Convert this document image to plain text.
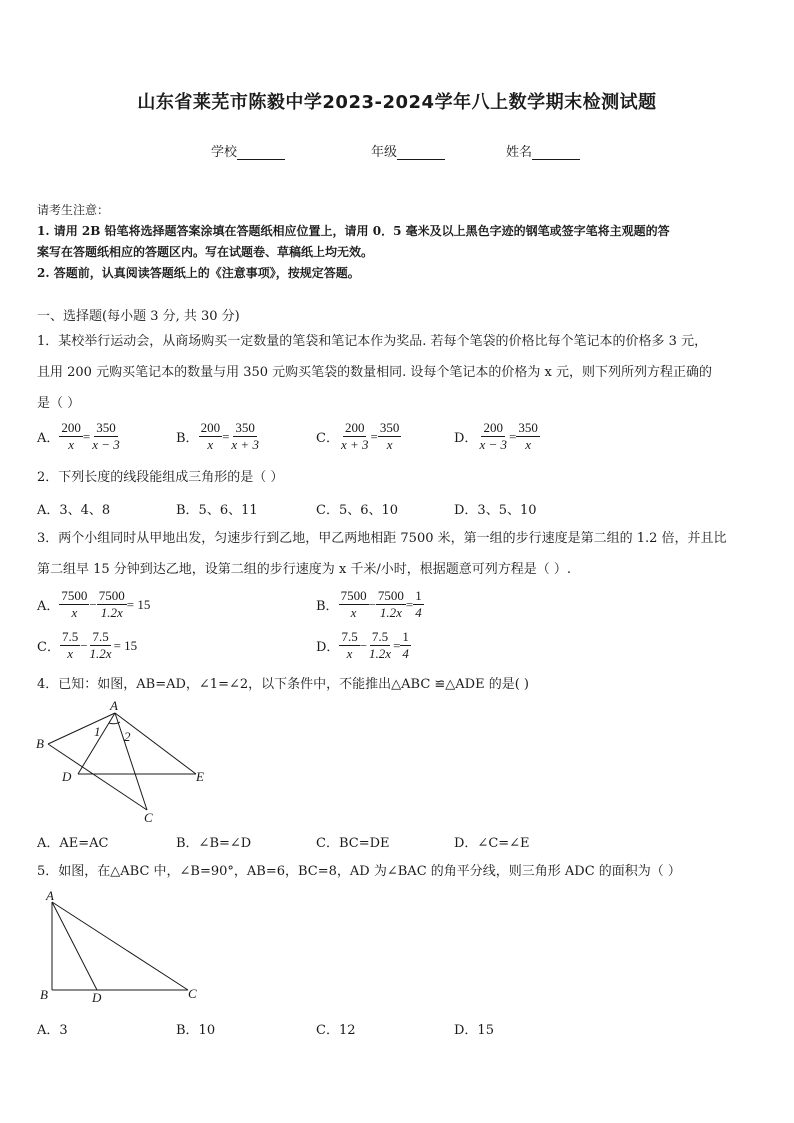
山东省莱芜市陈毅中学2023-2024学年八上数学期末检测试题
学校	年级	姓名
请考生注意：
1. 请用 2B 铅笔将选择题答案涂填在答题纸相应位置上，请用 0．5 毫米及以上黑色字迹的钢笔或签字笔将主观题的答
案写在答题纸相应的答题区内。写在试题卷、草稿纸上均无效。
2. 答题前，认真阅读答题纸上的《注意事项》，按规定答题。
一、选择题(每小题 3 分, 共 30 分)
1．某校举行运动会，从商场购买一定数量的笔袋和笔记本作为奖品. 若每个笔袋的价格比每个笔记本的价格多 3 元，
且用 200 元购买笔记本的数量与用 350 元购买笔袋的数量相同. 设每个笔记本的价格为 x 元，则下列所列方程正确的
是（ ）
A． $\frac{200}{x} = \frac{350}{x - 3}$	B． $\frac{200}{x} = \frac{350}{x + 3}$	C． $\frac{200}{x + 3} = \frac{350}{x}$	D． $\frac{200}{x - 3} = \frac{350}{x}$
2．下列长度的线段能组成三角形的是（ ）
A．3、4、8	B．5、6、11	C．5、6、10	D．3、5、10
3．两个小组同时从甲地出发，匀速步行到乙地，甲乙两地相距 7500 米，第一组的步行速度是第二组的 1.2 倍，并且比
第二组早 15 分钟到达乙地，设第二组的步行速度为 x 千米/小时，根据题意可列方程是（ ）.
A． $\frac{7500}{x} - \frac{7500}{1.2x} = 15$	B． $\frac{7500}{x} - \frac{7500}{1.2x} = \frac{1}{4}$
C． $\frac{7.5}{x} - \frac{7.5}{1.2x} = 15$	D． $\frac{7.5}{x} - \frac{7.5}{1.2x} = \frac{1}{4}$
4．已知：如图，AB=AD，∠1=∠2，以下条件中，不能推出△ABC ≌△ADE 的是( )
A
B
C
D	E
1 2
A．AE=AC	B．∠B=∠D	C．BC=DE	D．∠C=∠E
5．如图，在△ABC 中，∠B=90°，AB=6，BC=8，AD 为∠BAC 的角平分线，则三角形 ADC 的面积为（ ）
A
B	C
D
A．3	B．10	C．12	D．15
